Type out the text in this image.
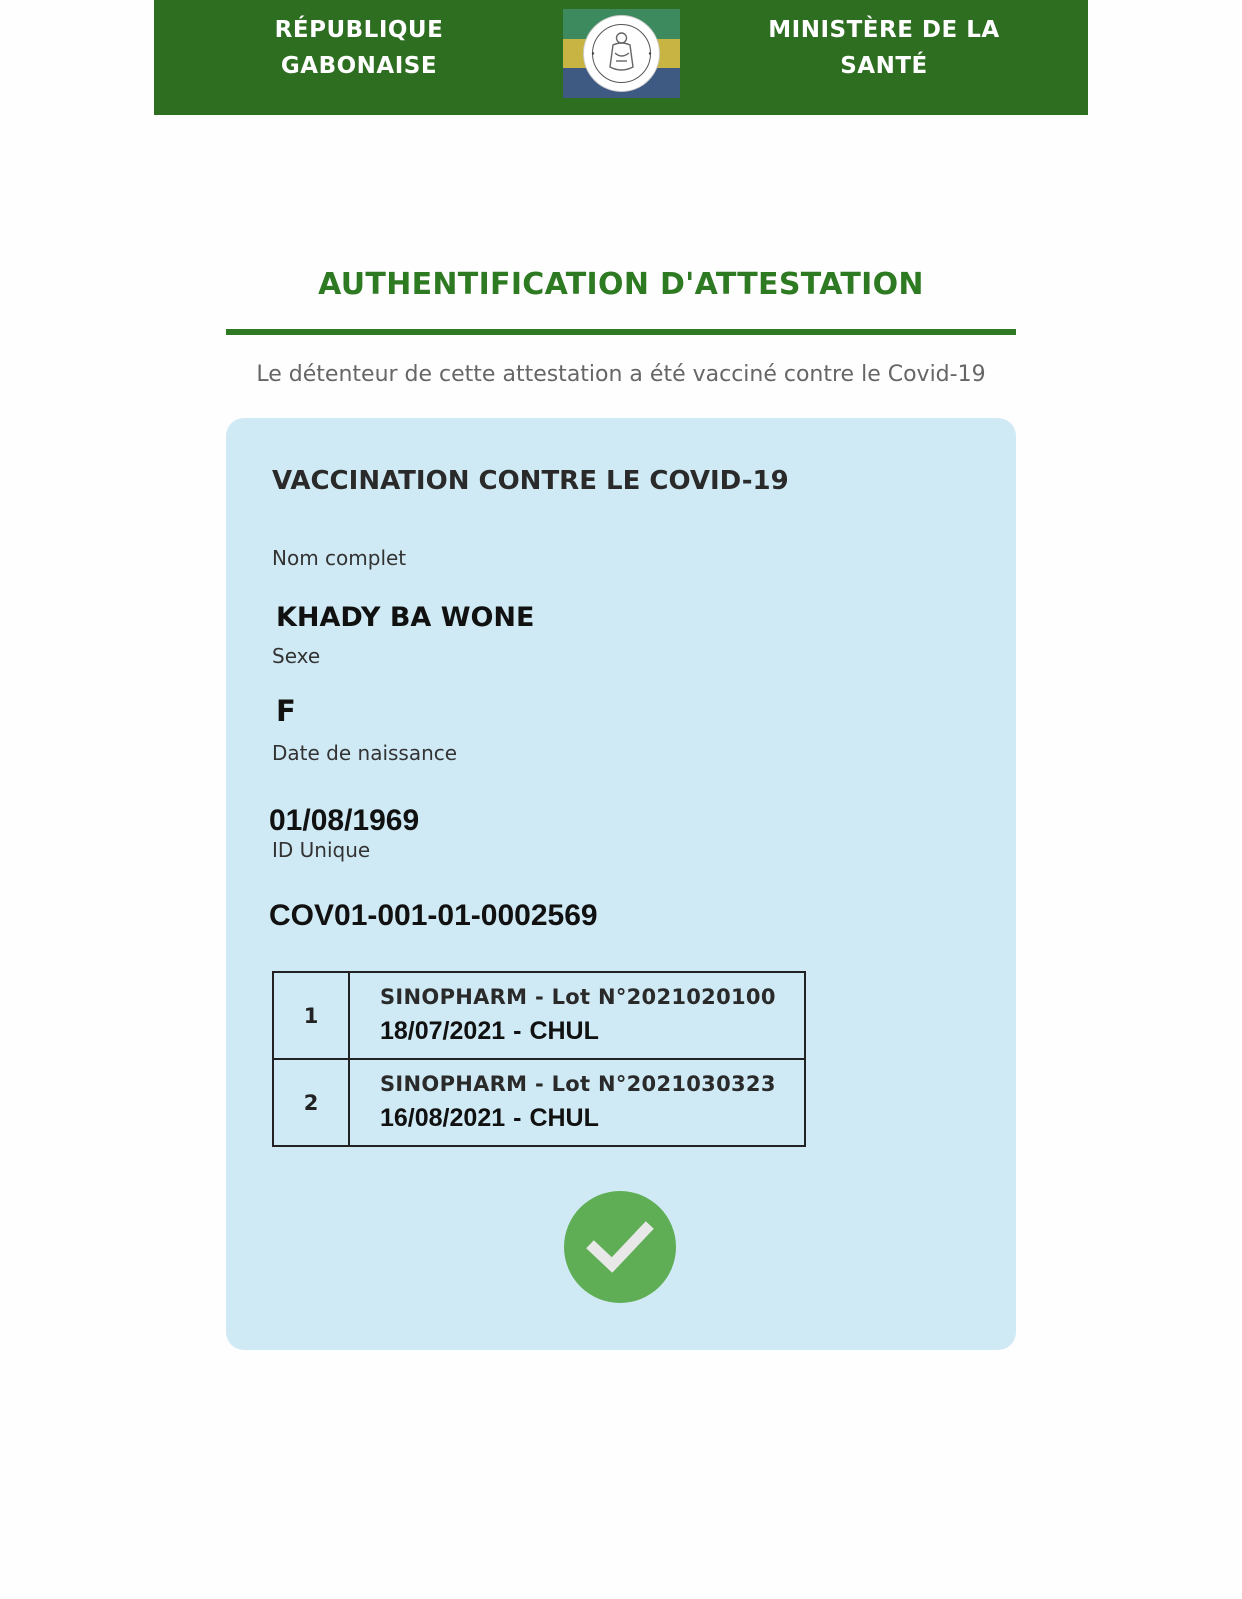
RÉPUBLIQUE
GABONAISE
MINISTÈRE DE LA
SANTÉ
AUTHENTIFICATION D'ATTESTATION
Le détenteur de cette attestation a été vacciné contre le Covid-19
VACCINATION CONTRE LE COVID-19
Nom complet
KHADY BA WONE
Sexe
F
Date de naissance
01/08/1969
ID Unique
COV01-001-01-0002569
1	SINOPHARM - Lot N°2021020100
18/07/2021 - CHUL

2	SINOPHARM - Lot N°2021030323
16/08/2021 - CHUL
